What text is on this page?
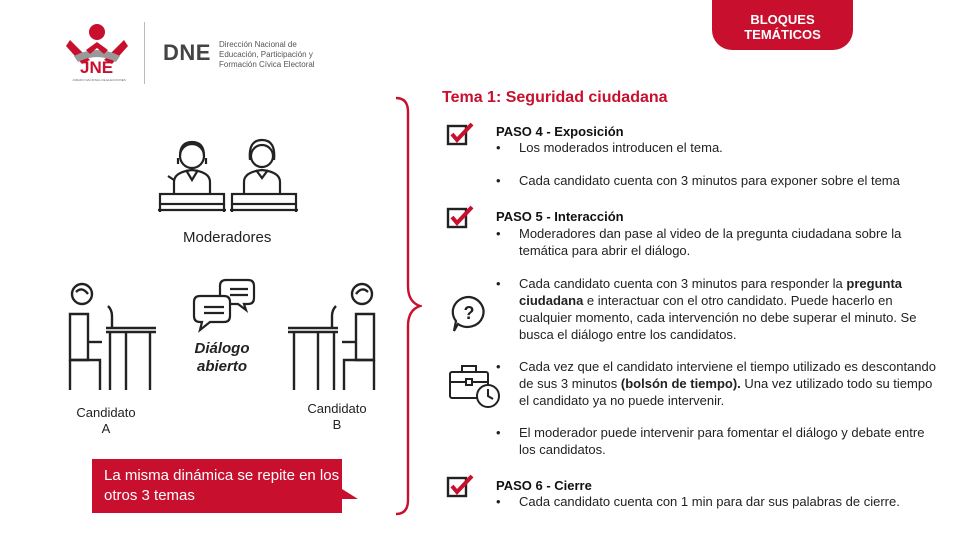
JNE
JURADO NACIONAL DE ELECCIONES
DNE Dirección Nacional de Educación, Participación y Formación Cívica Electoral
BLOQUES TEMÁTICOS
Moderadores
Candidato
A
Diálogo abierto
Candidato
B
La misma dinámica se repite en los otros 3 temas
Tema 1: Seguridad ciudadana
PASO 4 - Exposición
• Los moderados introducen el tema.
• Cada candidato cuenta con 3 minutos para exponer sobre el tema
PASO 5 - Interacción
• Moderadores dan pase al video de la pregunta ciudadana sobre la temática para abrir el diálogo.
• Cada candidato cuenta con 3 minutos para responder la pregunta ciudadana e interactuar con el otro candidato. Puede hacerlo en cualquier momento, cada intervención no debe superar el minuto. Se busca el diálogo entre los candidatos.
?
• Cada vez que el candidato interviene el tiempo utilizado es descontando de sus 3 minutos (bolsón de tiempo). Una vez utilizado todo su tiempo el candidato ya no puede intervenir.
• El moderador puede intervenir para fomentar el diálogo y debate entre los candidatos.
PASO 6 - Cierre
• Cada candidato cuenta con 1 min para dar sus palabras de cierre.
